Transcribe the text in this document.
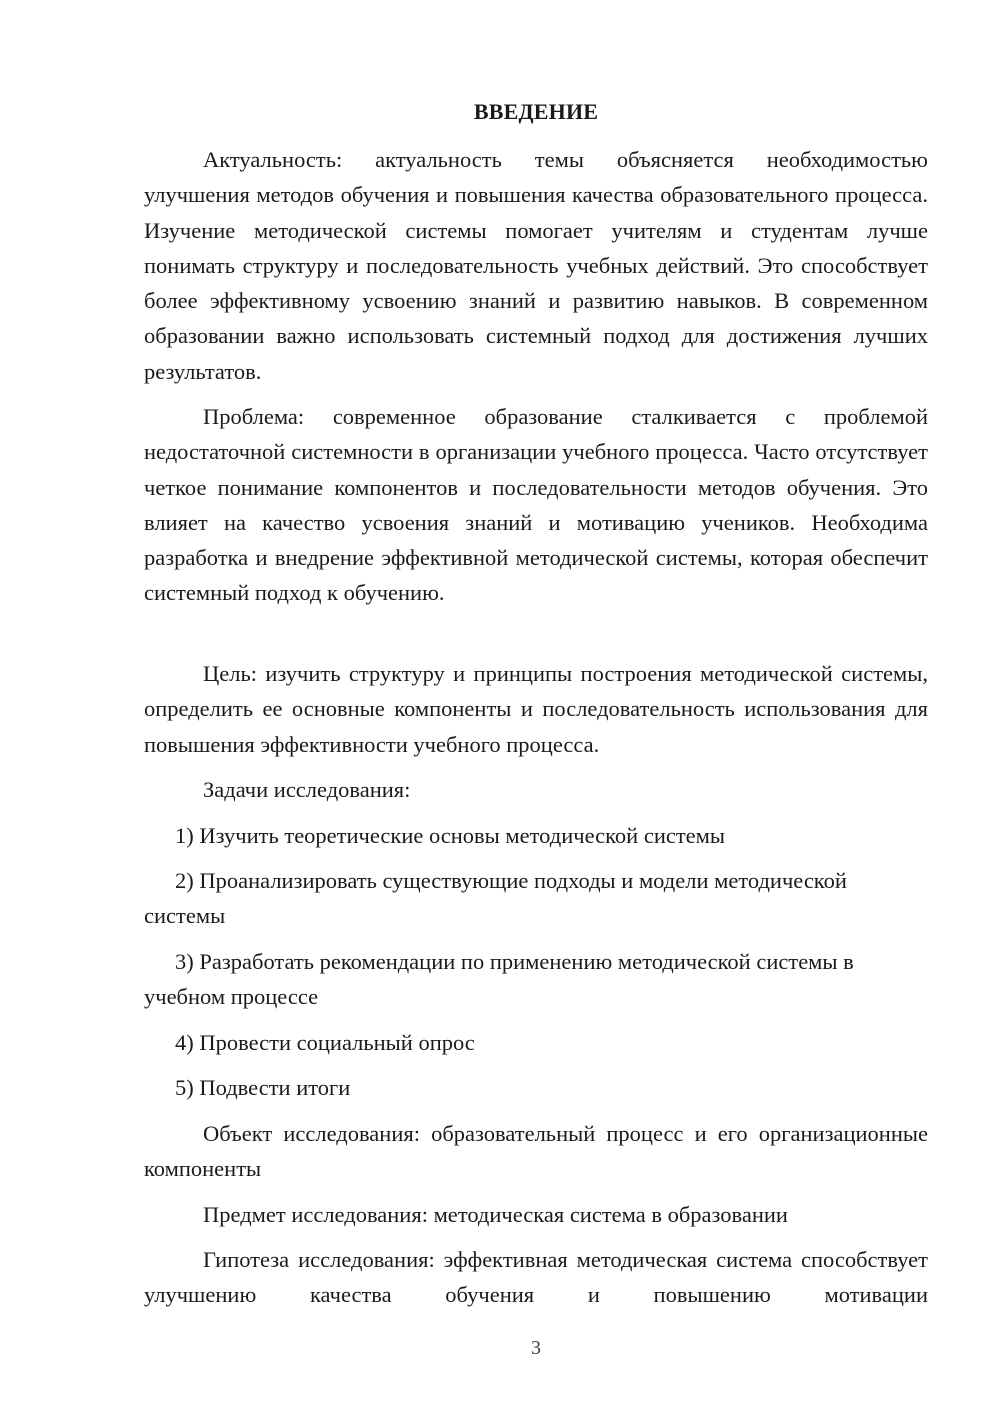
ВВЕДЕНИЕ

Актуальность: актуальность темы объясняется необходимостью улучшения методов обучения и повышения качества образовательного процесса. Изучение методической системы помогает учителям и студентам лучше понимать структуру и последовательность учебных действий. Это способствует более эффективному усвоению знаний и развитию навыков. В современном образовании важно использовать системный подход для достижения лучших результатов.

Проблема: современное образование сталкивается с проблемой недостаточной системности в организации учебного процесса. Часто отсутствует четкое понимание компонентов и последовательности методов обучения. Это влияет на качество усвоения знаний и мотивацию учеников. Необходима разработка и внедрение эффективной методической системы, которая обеспечит системный подход к обучению.

Цель: изучить структуру и принципы построения методической системы, определить ее основные компоненты и последовательность использования для повышения эффективности учебного процесса.

Задачи исследования:

1) Изучить теоретические основы методической системы

2) Проанализировать существующие подходы и модели методической системы

3) Разработать рекомендации по применению методической системы в учебном процессе

4) Провести социальный опрос

5) Подвести итоги

Объект исследования: образовательный процесс и его организационные компоненты

Предмет исследования: методическая система в образовании

Гипотеза исследования: эффективная методическая система способствует улучшению качества обучения и повышению мотивации

3
